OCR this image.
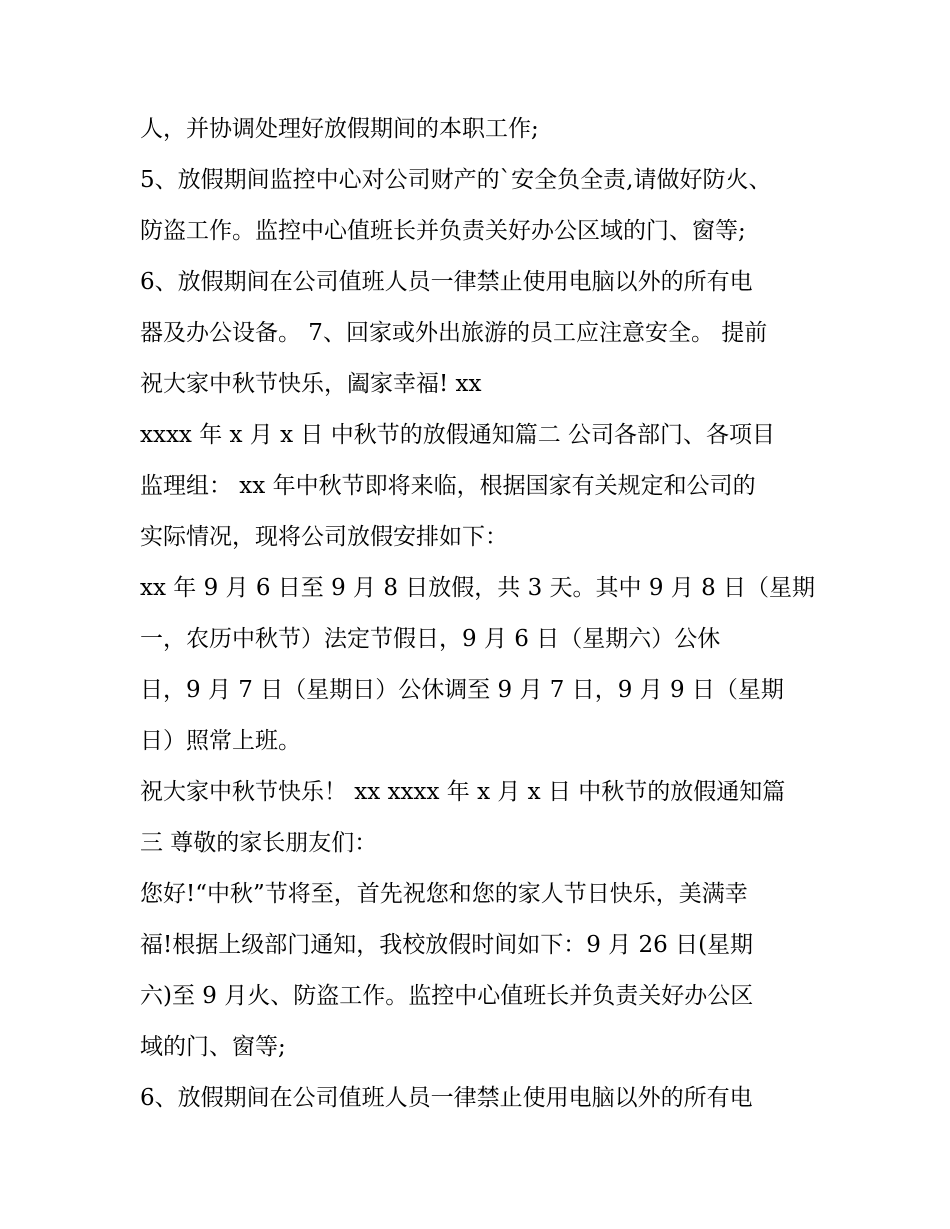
人，并协调处理好放假期间的本职工作;
5、放假期间监控中心对公司财产的`安全负全责,请做好防火、
防盗工作。监控中心值班长并负责关好办公区域的门、窗等;
6、放假期间在公司值班人员一律禁止使用电脑以外的所有电
器及办公设备。 7、回家或外出旅游的员工应注意安全。 提前
祝大家中秋节快乐，阖家幸福! xx
xxxx 年 x 月 x 日 中秋节的放假通知篇二 公司各部门、各项目
监理组： xx 年中秋节即将来临，根据国家有关规定和公司的
实际情况，现将公司放假安排如下：
xx 年 9 月 6 日至 9 月 8 日放假，共 3 天。其中 9 月 8 日（星期
一，农历中秋节）法定节假日，9 月 6 日（星期六）公休
日，9 月 7 日（星期日）公休调至 9 月 7 日，9 月 9 日（星期
日）照常上班。
祝大家中秋节快乐！ xx xxxx 年 x 月 x 日 中秋节的放假通知篇
三 尊敬的家长朋友们：
您好!“中秋”节将至，首先祝您和您的家人节日快乐，美满幸
福!根据上级部门通知，我校放假时间如下：9 月 26 日(星期
六)至 9 月火、防盗工作。监控中心值班长并负责关好办公区
域的门、窗等;
6、放假期间在公司值班人员一律禁止使用电脑以外的所有电
